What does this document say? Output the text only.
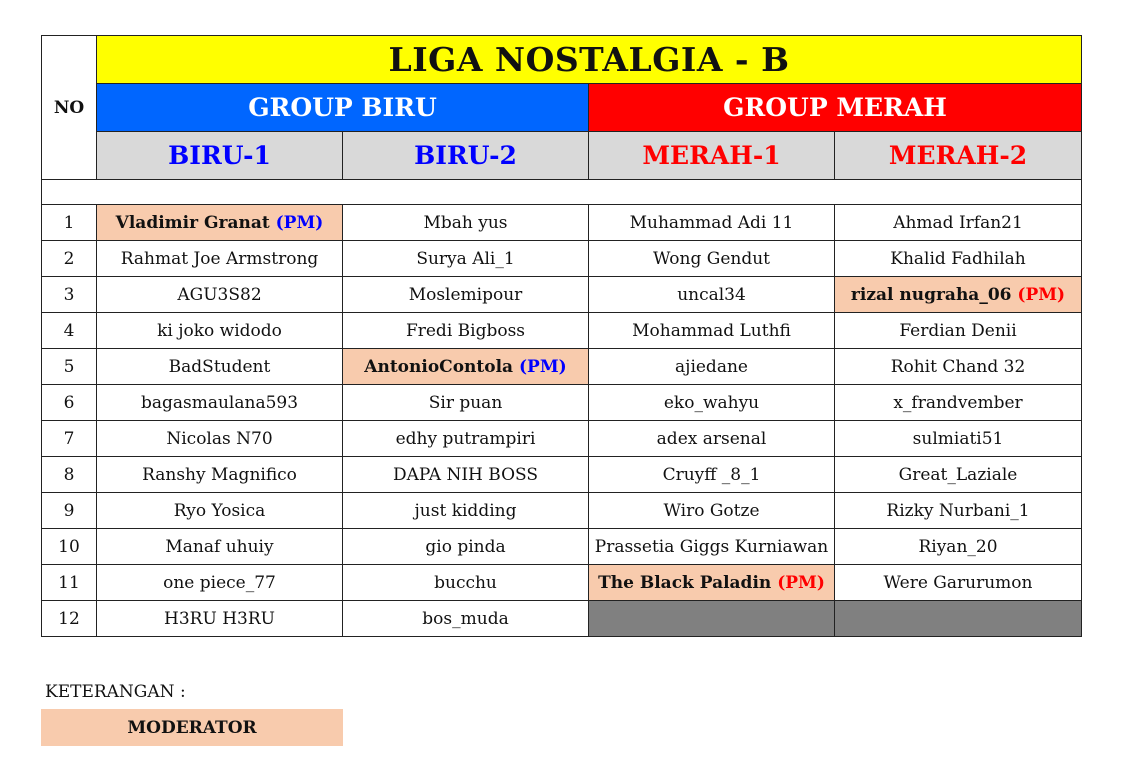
NO	LIGA NOSTALGIA - B			
	GROUP BIRU		GROUP MERAH	
	BIRU-1	BIRU-2	MERAH-1	MERAH-2

1	Vladimir Granat (PM)	Mbah yus	Muhammad Adi 11	Ahmad Irfan21
2	Rahmat Joe Armstrong	Surya Ali_1	Wong Gendut	Khalid Fadhilah
3	AGU3S82	Moslemipour	uncal34	rizal nugraha_06 (PM)
4	ki joko widodo	Fredi Bigboss	Mohammad Luthfi	Ferdian Denii
5	BadStudent	AntonioContola (PM)	ajiedane	Rohit Chand 32
6	bagasmaulana593	Sir puan	eko_wahyu	x_frandvember
7	Nicolas N70	edhy putrampiri	adex arsenal	sulmiati51
8	Ranshy Magnifico	DAPA NIH BOSS	Cruyff _8_1	Great_Laziale
9	Ryo Yosica	just kidding	Wiro Gotze	Rizky Nurbani_1
10	Manaf uhuiy	gio pinda	Prassetia Giggs Kurniawan	Riyan_20
11	one piece_77	bucchu	The Black Paladin (PM)	Were Garurumon
12	H3RU H3RU	bos_muda		
KETERANGAN :
MODERATOR
